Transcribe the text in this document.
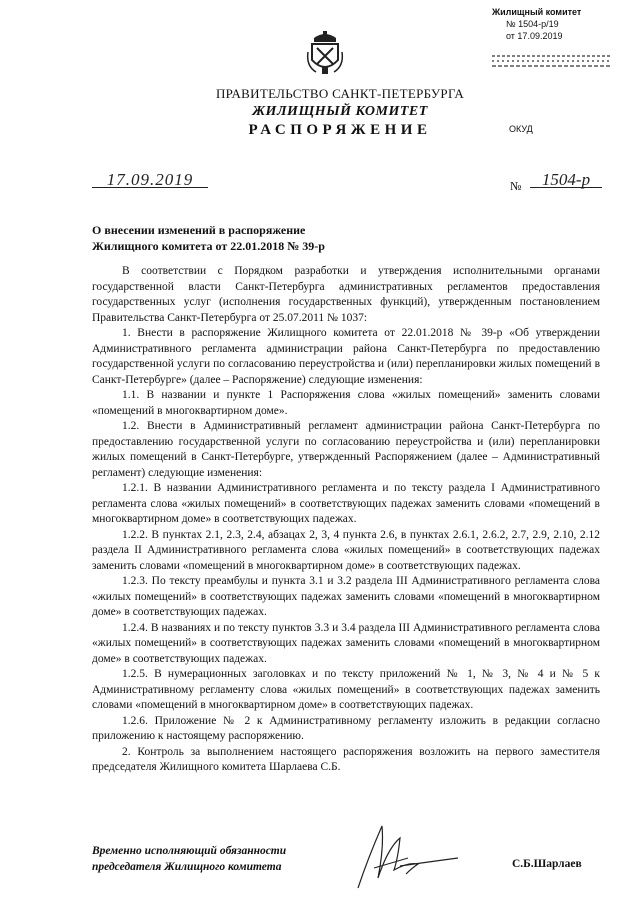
Жилищный комитет
№ 1504-р/19
от 17.09.2019
ПРАВИТЕЛЬСТВО САНКТ-ПЕТЕРБУРГА
ЖИЛИЩНЫЙ КОМИТЕТ
РАСПОРЯЖЕНИЕ	ОКУД
17.09.2019	№	1504-р
О внесении изменений в распоряжение
Жилищного комитета от 22.01.2018 № 39-р

В соответствии с Порядком разработки и утверждения исполнительными органами государственной власти Санкт-Петербурга административных регламентов предоставления государственных услуг (исполнения государственных функций), утвержденным постановлением Правительства Санкт-Петербурга от 25.07.2011 № 1037:

1. Внести в распоряжение Жилищного комитета от 22.01.2018 № 39-р «Об утверждении Административного регламента администрации района Санкт-Петербурга по предоставлению государственной услуги по согласованию переустройства и (или) перепланировки жилых помещений в Санкт-Петербурге» (далее – Распоряжение) следующие изменения:

1.1. В названии и пункте 1 Распоряжения слова «жилых помещений» заменить словами «помещений в многоквартирном доме».

1.2. Внести в Административный регламент администрации района Санкт-Петербурга по предоставлению государственной услуги по согласованию переустройства и (или) перепланировки жилых помещений в Санкт-Петербурге, утвержденный Распоряжением (далее – Административный регламент) следующие изменения:

1.2.1. В названии Административного регламента и по тексту раздела I Административного регламента слова «жилых помещений» в соответствующих падежах заменить словами «помещений в многоквартирном доме» в соответствующих падежах.

1.2.2. В пунктах 2.1, 2.3, 2.4, абзацах 2, 3, 4 пункта 2.6, в пунктах 2.6.1, 2.6.2, 2.7, 2.9, 2.10, 2.12 раздела II Административного регламента слова «жилых помещений» в соответствующих падежах заменить словами «помещений в многоквартирном доме» в соответствующих падежах.

1.2.3. По тексту преамбулы и пункта 3.1 и 3.2 раздела III Административного регламента слова «жилых помещений» в соответствующих падежах заменить словами «помещений в многоквартирном доме» в соответствующих падежах.

1.2.4. В названиях и по тексту пунктов 3.3 и 3.4 раздела III Административного регламента слова «жилых помещений» в соответствующих падежах заменить словами «помещений в многоквартирном доме» в соответствующих падежах.

1.2.5. В нумерационных заголовках и по тексту приложений № 1, № 3, № 4 и № 5 к Административному регламенту слова «жилых помещений» в соответствующих падежах заменить словами «помещений в многоквартирном доме» в соответствующих падежах.

1.2.6. Приложение № 2 к Административному регламенту изложить в редакции согласно приложению к настоящему распоряжению.

2. Контроль за выполнением настоящего распоряжения возложить на первого заместителя председателя Жилищного комитета Шарлаева С.Б.

Временно исполняющий обязанности
председателя Жилищного комитета	С.Б.Шарлаев
